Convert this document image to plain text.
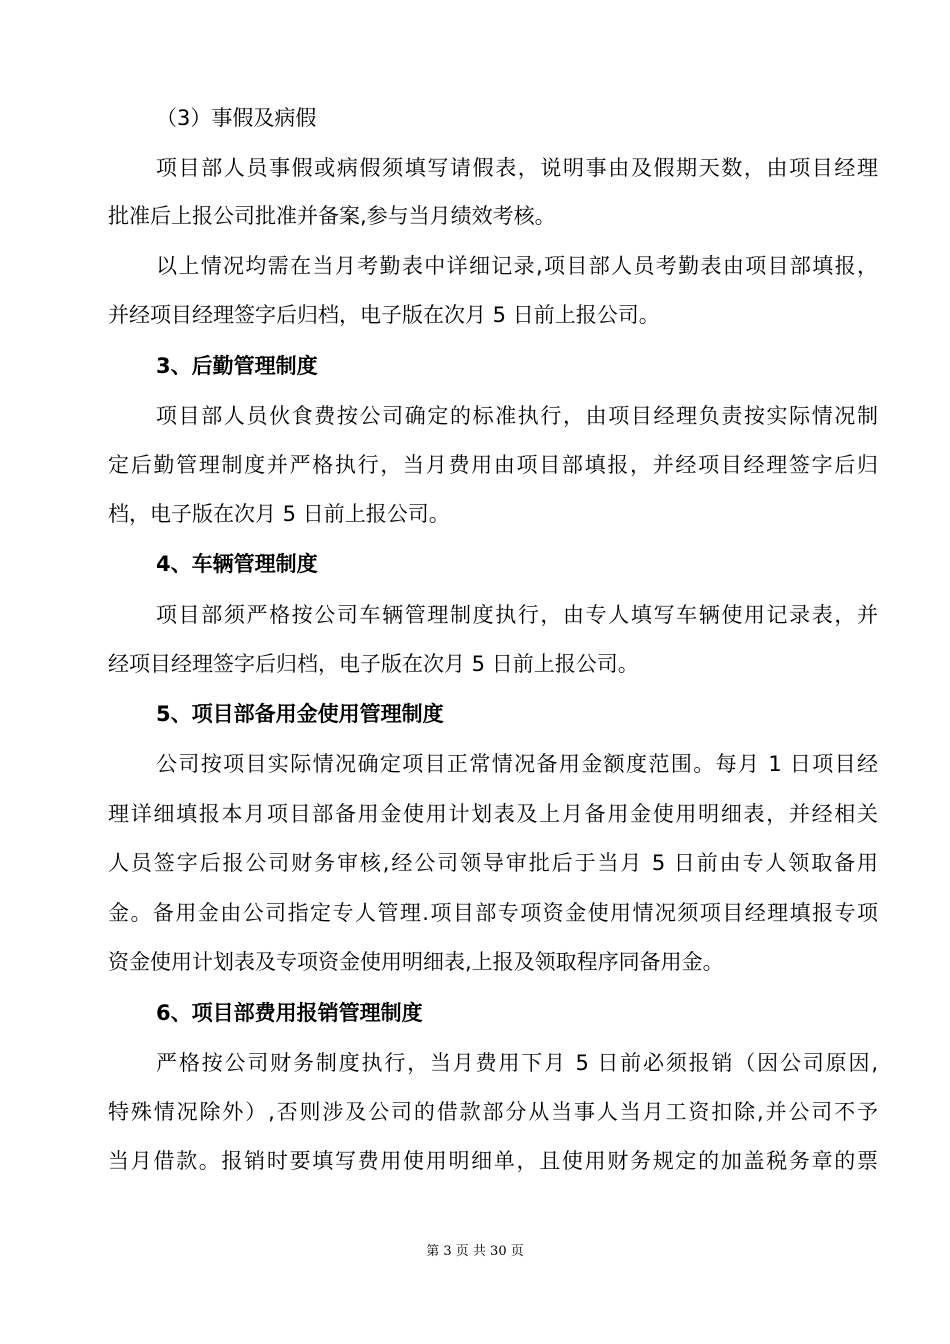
（3）事假及病假
项目部人员事假或病假须填写请假表，说明事由及假期天数，由项目经理
批准后上报公司批准并备案,参与当月绩效考核。
以上情况均需在当月考勤表中详细记录,项目部人员考勤表由项目部填报，
并经项目经理签字后归档，电子版在次月 5 日前上报公司。
3、后勤管理制度
项目部人员伙食费按公司确定的标准执行，由项目经理负责按实际情况制
定后勤管理制度并严格执行，当月费用由项目部填报，并经项目经理签字后归
档，电子版在次月 5 日前上报公司。
4、车辆管理制度
项目部须严格按公司车辆管理制度执行，由专人填写车辆使用记录表，并
经项目经理签字后归档，电子版在次月 5 日前上报公司。
5、项目部备用金使用管理制度
公司按项目实际情况确定项目正常情况备用金额度范围。每月 1 日项目经
理详细填报本月项目部备用金使用计划表及上月备用金使用明细表，并经相关
人员签字后报公司财务审核,经公司领导审批后于当月 5 日前由专人领取备用
金。备用金由公司指定专人管理.项目部专项资金使用情况须项目经理填报专项
资金使用计划表及专项资金使用明细表,上报及领取程序同备用金。
6、项目部费用报销管理制度
严格按公司财务制度执行，当月费用下月 5 日前必须报销（因公司原因,
特殊情况除外）,否则涉及公司的借款部分从当事人当月工资扣除,并公司不予
当月借款。报销时要填写费用使用明细单，且使用财务规定的加盖税务章的票
第 3 页 共 30 页
